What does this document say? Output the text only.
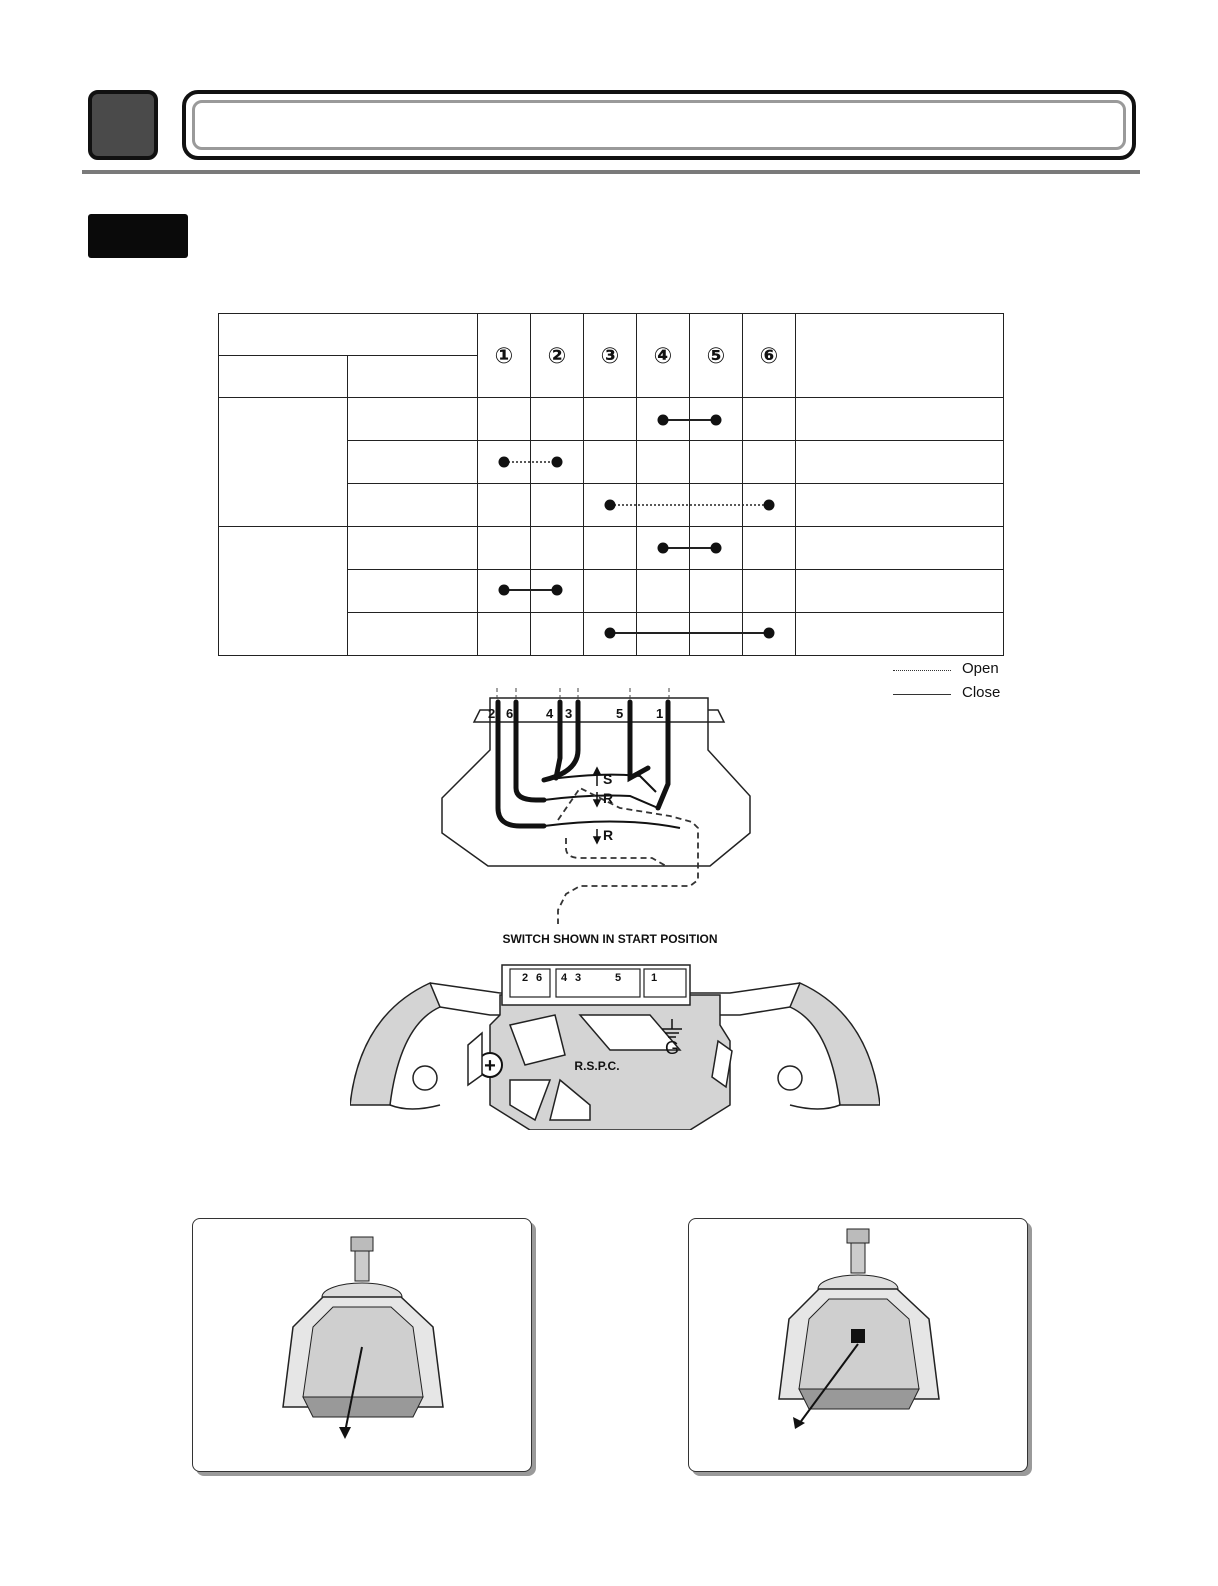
		①	②	③	④	⑤	⑥	

Open
Close
2 6	4 3	5	1
S
R
R
SWITCH SHOWN IN START POSITION
2 6 4 3	5	1
+	R.S.P.C.
G
